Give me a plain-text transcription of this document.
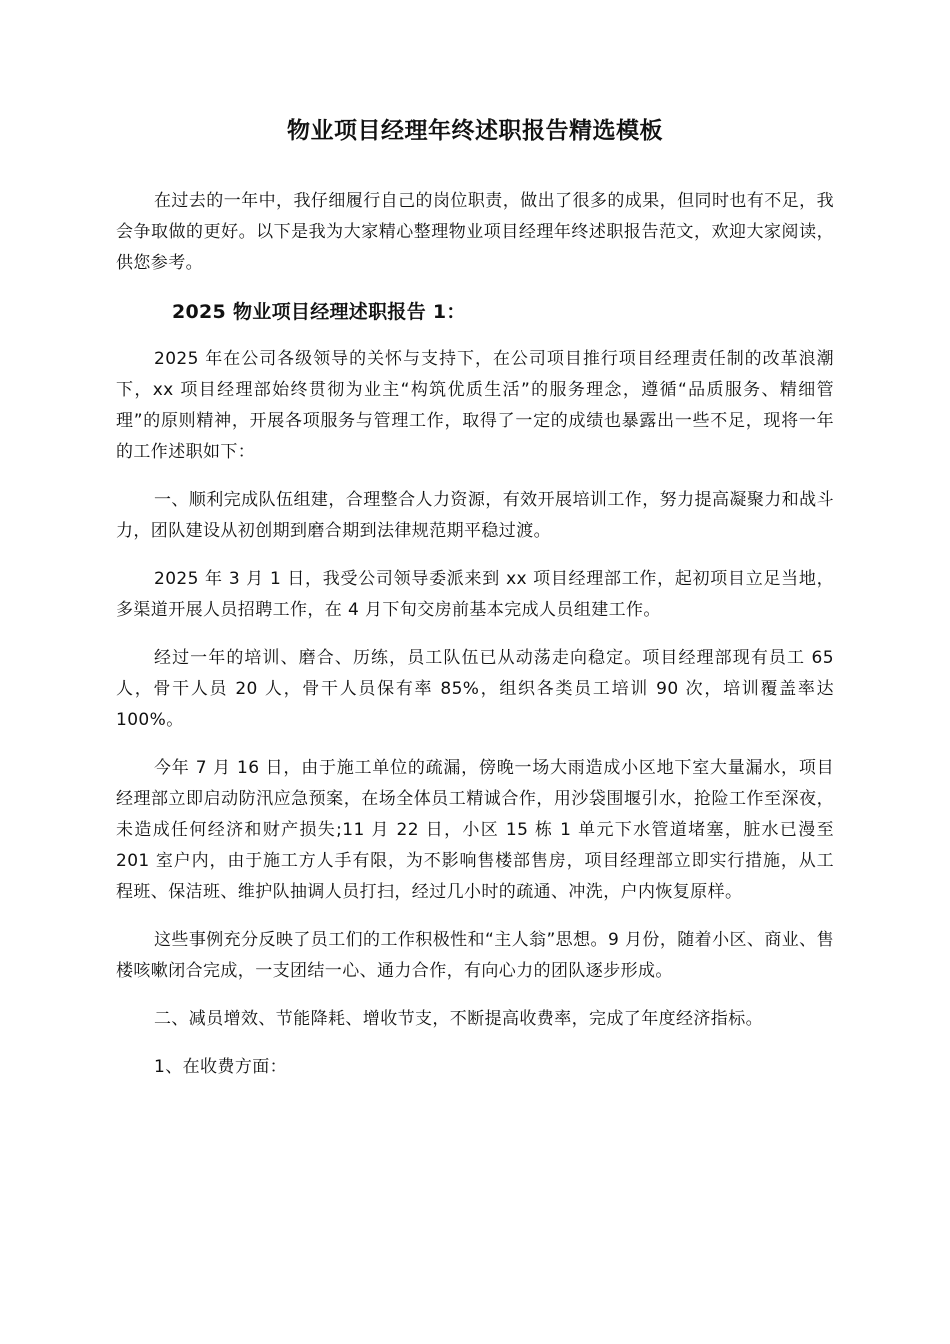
物业项目经理年终述职报告精选模板

在过去的一年中，我仔细履行自己的岗位职责，做出了很多的成果，但同时也有不足，我会争取做的更好。以下是我为大家精心整理物业项目经理年终述职报告范文，欢迎大家阅读，供您参考。

2025 物业项目经理述职报告 1：

2025 年在公司各级领导的关怀与支持下，在公司项目推行项目经理责任制的改革浪潮下，xx 项目经理部始终贯彻为业主“构筑优质生活”的服务理念，遵循“品质服务、精细管理”的原则精神，开展各项服务与管理工作，取得了一定的成绩也暴露出一些不足，现将一年的工作述职如下：

一、顺利完成队伍组建，合理整合人力资源，有效开展培训工作，努力提高凝聚力和战斗力，团队建设从初创期到磨合期到法律规范期平稳过渡。

2025 年 3 月 1 日，我受公司领导委派来到 xx 项目经理部工作，起初项目立足当地，多渠道开展人员招聘工作，在 4 月下旬交房前基本完成人员组建工作。

经过一年的培训、磨合、历练，员工队伍已从动荡走向稳定。项目经理部现有员工 65 人，骨干人员 20 人，骨干人员保有率 85%，组织各类员工培训 90 次，培训覆盖率达 100%。

今年 7 月 16 日，由于施工单位的疏漏，傍晚一场大雨造成小区地下室大量漏水，项目经理部立即启动防汛应急预案，在场全体员工精诚合作，用沙袋围堰引水，抢险工作至深夜，未造成任何经济和财产损失;11 月 22 日，小区 15 栋 1 单元下水管道堵塞，脏水已漫至 201 室户内，由于施工方人手有限，为不影响售楼部售房，项目经理部立即实行措施，从工程班、保洁班、维护队抽调人员打扫，经过几小时的疏通、冲洗，户内恢复原样。

这些事例充分反映了员工们的工作积极性和“主人翁”思想。9 月份，随着小区、商业、售楼咳嗽闭合完成，一支团结一心、通力合作，有向心力的团队逐步形成。

二、减员增效、节能降耗、增收节支，不断提高收费率，完成了年度经济指标。

1、在收费方面：
